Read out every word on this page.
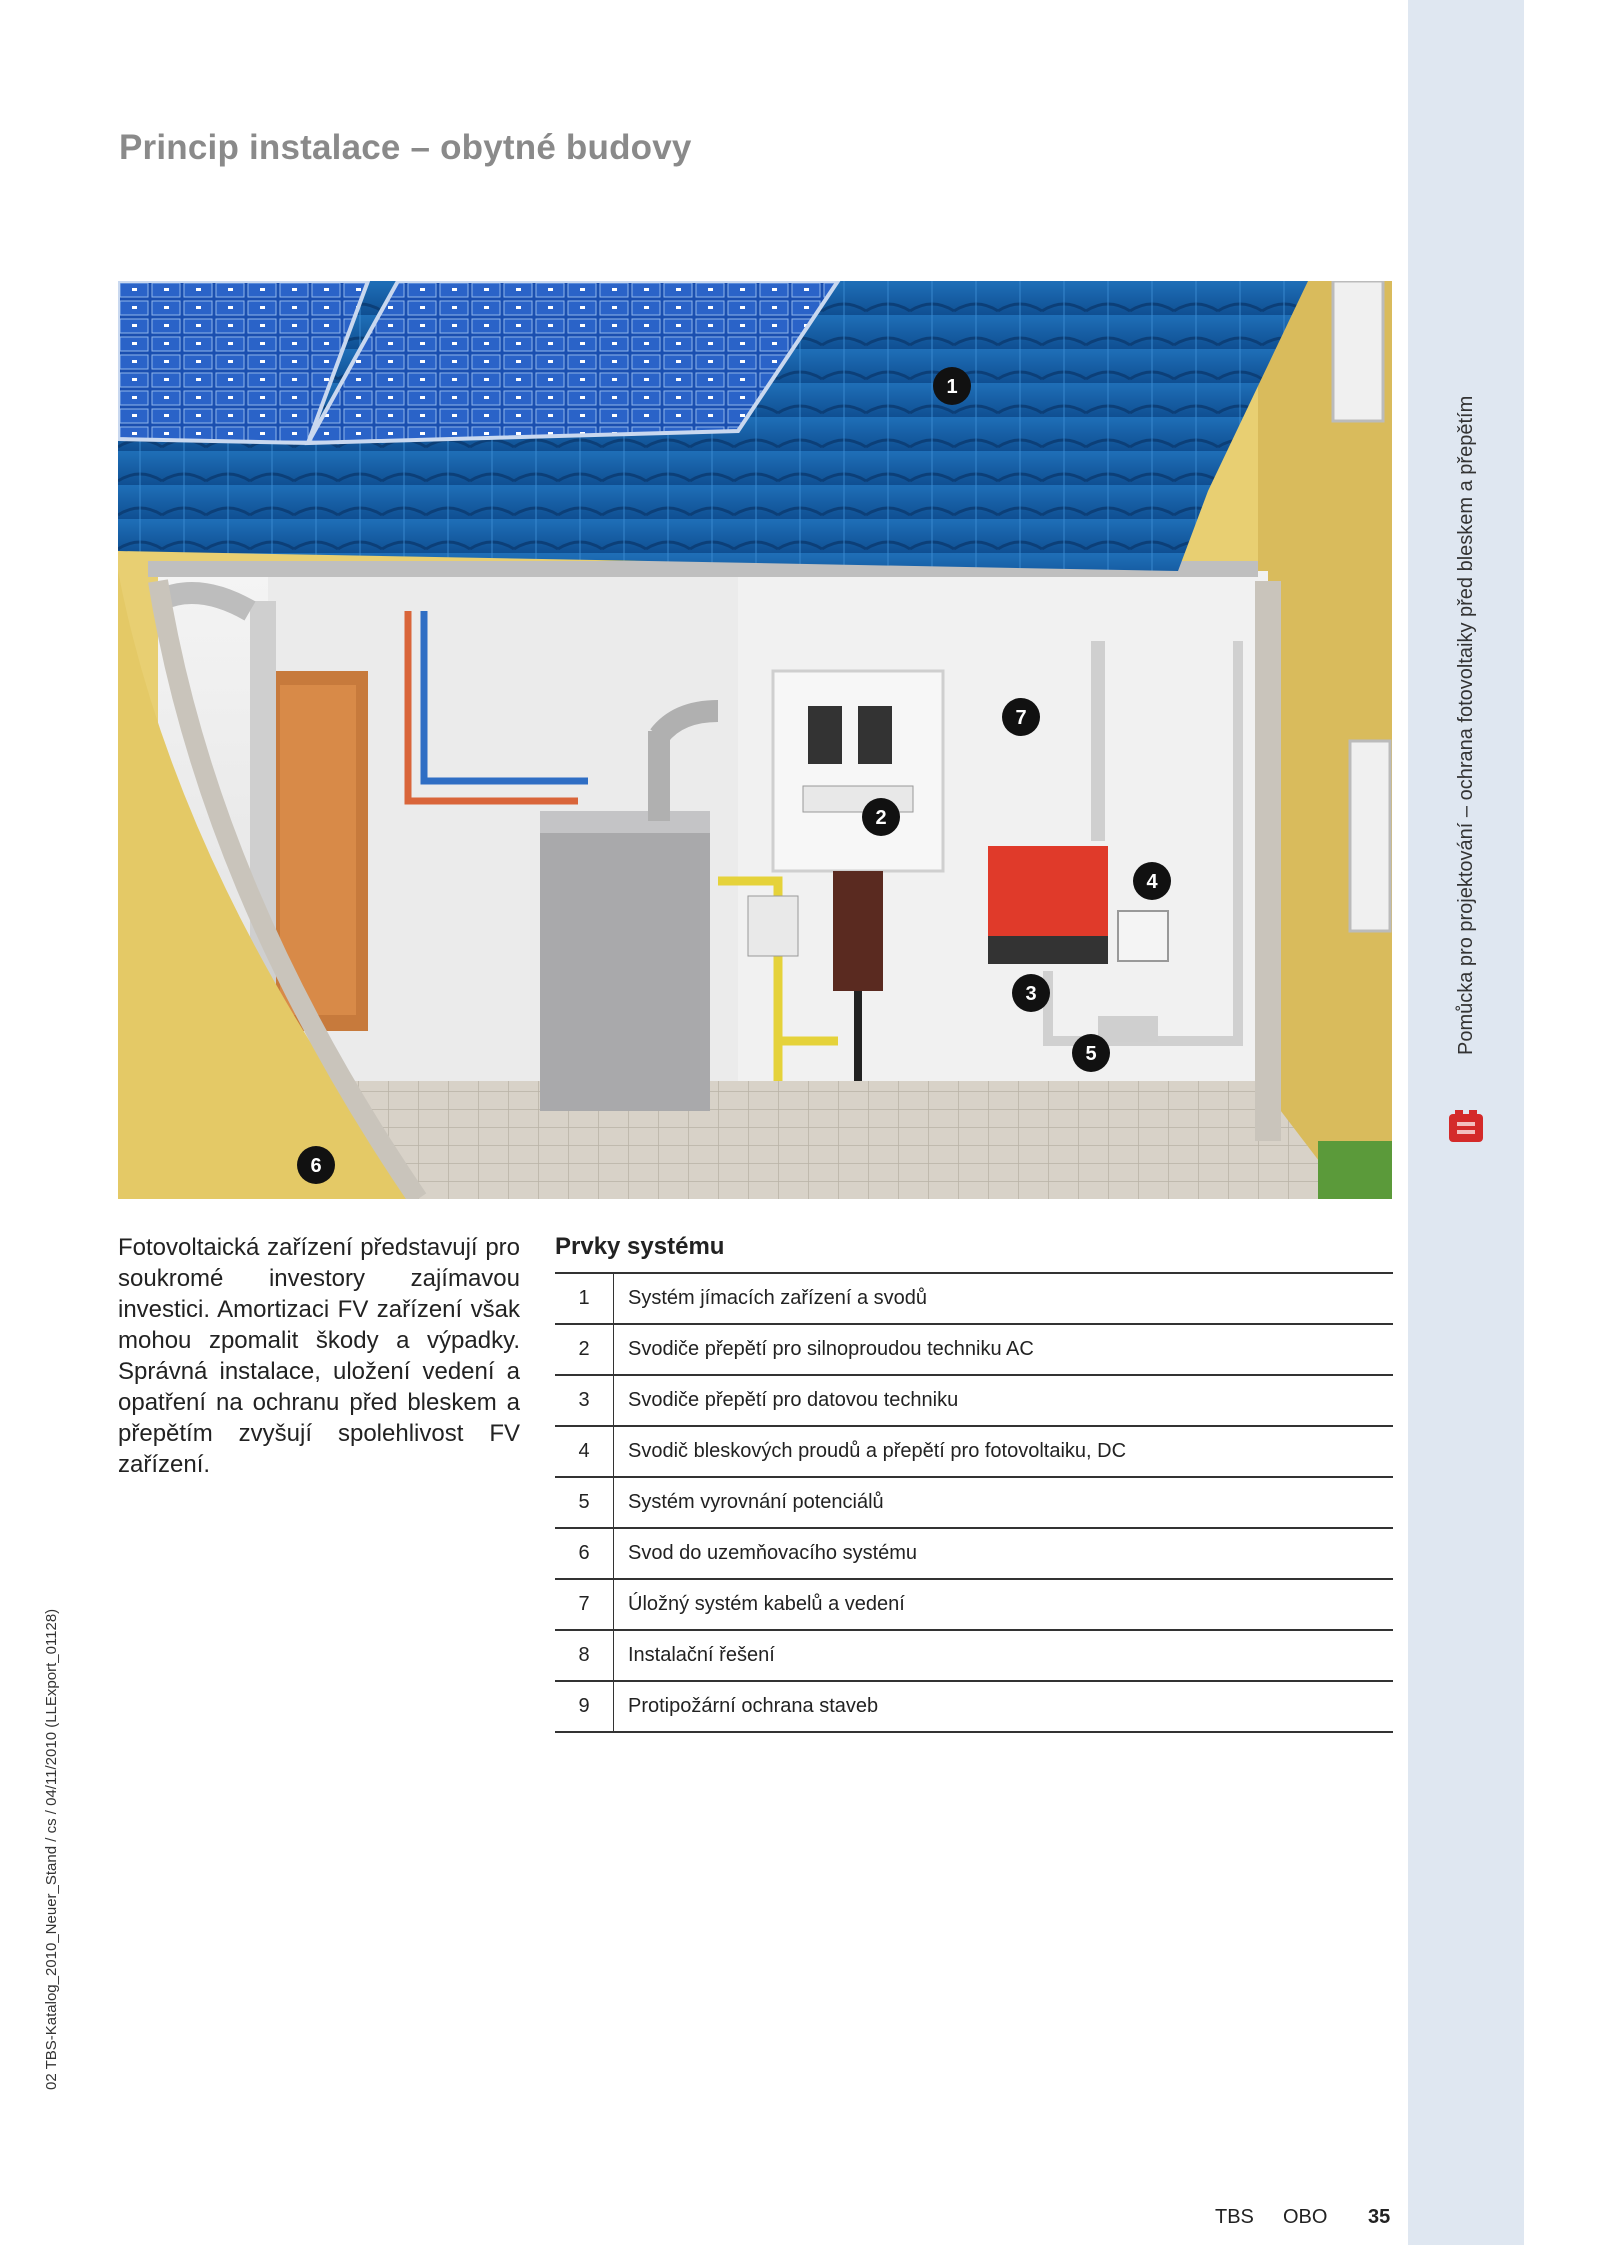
Pomůcka pro projektování – ochrana fotovoltaiky před bleskem a přepětím
02 TBS-Katalog_2010_Neuer_Stand / cs / 04/11/2010 (LLExport_01128)
Princip instalace – obytné budovy
1
2
3
4
5
6
7

Fotovoltaická zařízení představují pro soukromé investory zajímavou investici. Amortizaci FV zařízení však mohou zpomalit škody a výpadky. Správná instalace, uložení vedení a opatření na ochranu před bleskem a přepětím zvyšují spolehlivost FV zařízení.

Prvky systému
1	Systém jímacích zařízení a svodů
2	Svodiče přepětí pro silnoproudou techniku AC
3	Svodiče přepětí pro datovou techniku
4	Svodič bleskových proudů a přepětí pro fotovoltaiku, DC
5	Systém vyrovnání potenciálů
6	Svod do uzemňovacího systému
7	Úložný systém kabelů a vedení
8	Instalační řešení
9	Protipožární ochrana staveb
TBS OBO 35
